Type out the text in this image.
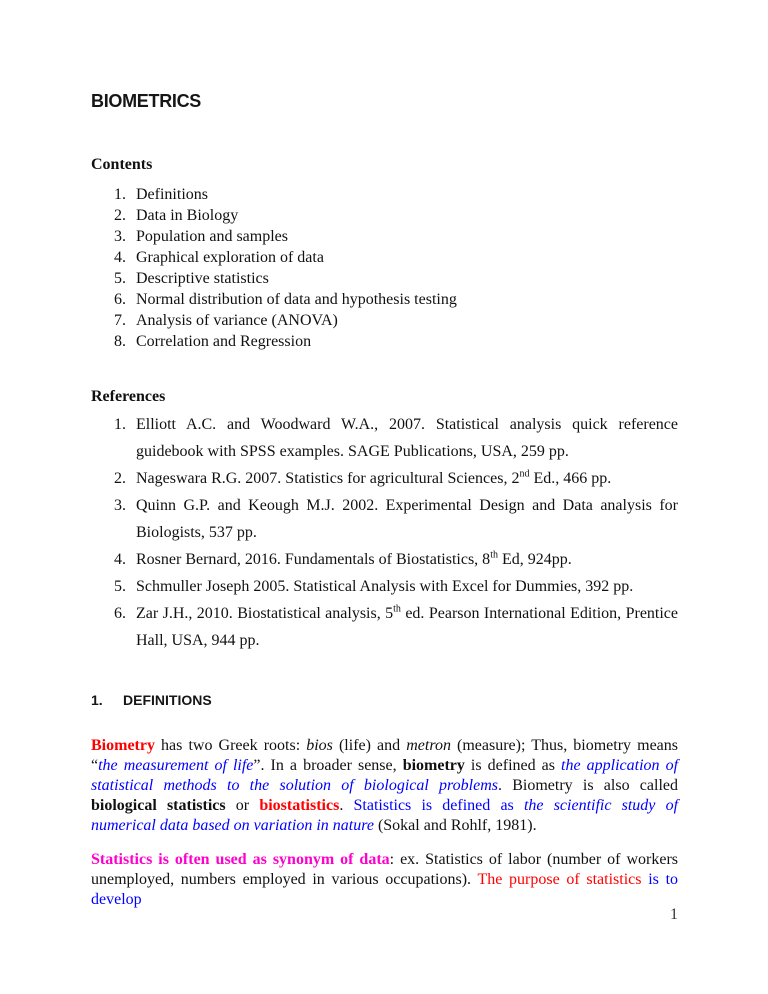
BIOMETRICS
Contents
1. Definitions
2. Data in Biology
3. Population and samples
4. Graphical exploration of data
5. Descriptive statistics
6. Normal distribution of data and hypothesis testing
7. Analysis of variance (ANOVA)
8. Correlation and Regression
References
1. Elliott A.C. and Woodward W.A., 2007. Statistical analysis quick reference guidebook with SPSS examples. SAGE Publications, USA, 259 pp.
2. Nageswara R.G. 2007. Statistics for agricultural Sciences, 2nd Ed., 466 pp.
3. Quinn G.P. and Keough M.J. 2002. Experimental Design and Data analysis for Biologists, 537 pp.
4. Rosner Bernard, 2016. Fundamentals of Biostatistics, 8th Ed, 924pp.
5. Schmuller Joseph 2005. Statistical Analysis with Excel for Dummies, 392 pp.
6. Zar J.H., 2010. Biostatistical analysis, 5th ed. Pearson International Edition, Prentice Hall, USA, 944 pp.
1. DEFINITIONS

Biometry has two Greek roots: bios (life) and metron (measure); Thus, biometry means “the measurement of life”. In a broader sense, biometry is defined as the application of statistical methods to the solution of biological problems. Biometry is also called biological statistics or biostatistics. Statistics is defined as the scientific study of numerical data based on variation in nature (Sokal and Rohlf, 1981).

Statistics is often used as synonym of data: ex. Statistics of labor (number of workers unemployed, numbers employed in various occupations). The purpose of statistics is to develop

1
